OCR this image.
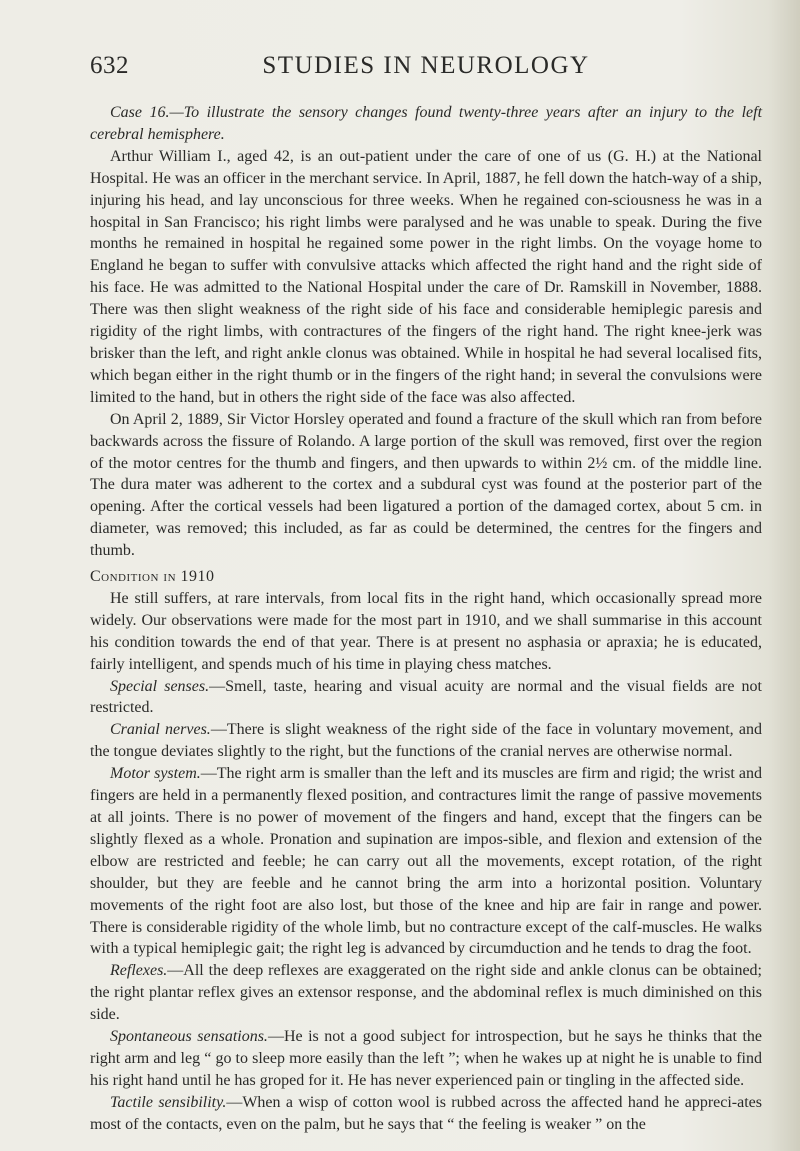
632	STUDIES IN NEUROLOGY

Case 16.—To illustrate the sensory changes found twenty-three years after an injury to the left cerebral hemisphere.

Arthur William I., aged 42, is an out-patient under the care of one of us (G. H.) at the National Hospital. He was an officer in the merchant service. In April, 1887, he fell down the hatch-way of a ship, injuring his head, and lay unconscious for three weeks. When he regained con-sciousness he was in a hospital in San Francisco; his right limbs were paralysed and he was unable to speak. During the five months he remained in hospital he regained some power in the right limbs. On the voyage home to England he began to suffer with convulsive attacks which affected the right hand and the right side of his face. He was admitted to the National Hospital under the care of Dr. Ramskill in November, 1888. There was then slight weakness of the right side of his face and considerable hemiplegic paresis and rigidity of the right limbs, with contractures of the fingers of the right hand. The right knee-jerk was brisker than the left, and right ankle clonus was obtained. While in hospital he had several localised fits, which began either in the right thumb or in the fingers of the right hand; in several the convulsions were limited to the hand, but in others the right side of the face was also affected.

On April 2, 1889, Sir Victor Horsley operated and found a fracture of the skull which ran from before backwards across the fissure of Rolando. A large portion of the skull was removed, first over the region of the motor centres for the thumb and fingers, and then upwards to within 2½ cm. of the middle line. The dura mater was adherent to the cortex and a subdural cyst was found at the posterior part of the opening. After the cortical vessels had been ligatured a portion of the damaged cortex, about 5 cm. in diameter, was removed; this included, as far as could be determined, the centres for the fingers and thumb.

Condition in 1910

He still suffers, at rare intervals, from local fits in the right hand, which occasionally spread more widely. Our observations were made for the most part in 1910, and we shall summarise in this account his condition towards the end of that year. There is at present no asphasia or apraxia; he is educated, fairly intelligent, and spends much of his time in playing chess matches.

Special senses.—Smell, taste, hearing and visual acuity are normal and the visual fields are not restricted.

Cranial nerves.—There is slight weakness of the right side of the face in voluntary movement, and the tongue deviates slightly to the right, but the functions of the cranial nerves are otherwise normal.

Motor system.—The right arm is smaller than the left and its muscles are firm and rigid; the wrist and fingers are held in a permanently flexed position, and contractures limit the range of passive movements at all joints. There is no power of movement of the fingers and hand, except that the fingers can be slightly flexed as a whole. Pronation and supination are impos-sible, and flexion and extension of the elbow are restricted and feeble; he can carry out all the movements, except rotation, of the right shoulder, but they are feeble and he cannot bring the arm into a horizontal position. Voluntary movements of the right foot are also lost, but those of the knee and hip are fair in range and power. There is considerable rigidity of the whole limb, but no contracture except of the calf-muscles. He walks with a typical hemiplegic gait; the right leg is advanced by circumduction and he tends to drag the foot.

Reflexes.—All the deep reflexes are exaggerated on the right side and ankle clonus can be obtained; the right plantar reflex gives an extensor response, and the abdominal reflex is much diminished on this side.

Spontaneous sensations.—He is not a good subject for introspection, but he says he thinks that the right arm and leg “ go to sleep more easily than the left ”; when he wakes up at night he is unable to find his right hand until he has groped for it. He has never experienced pain or tingling in the affected side.

Tactile sensibility.—When a wisp of cotton wool is rubbed across the affected hand he appreci-ates most of the contacts, even on the palm, but he says that “ the feeling is weaker ” on the
